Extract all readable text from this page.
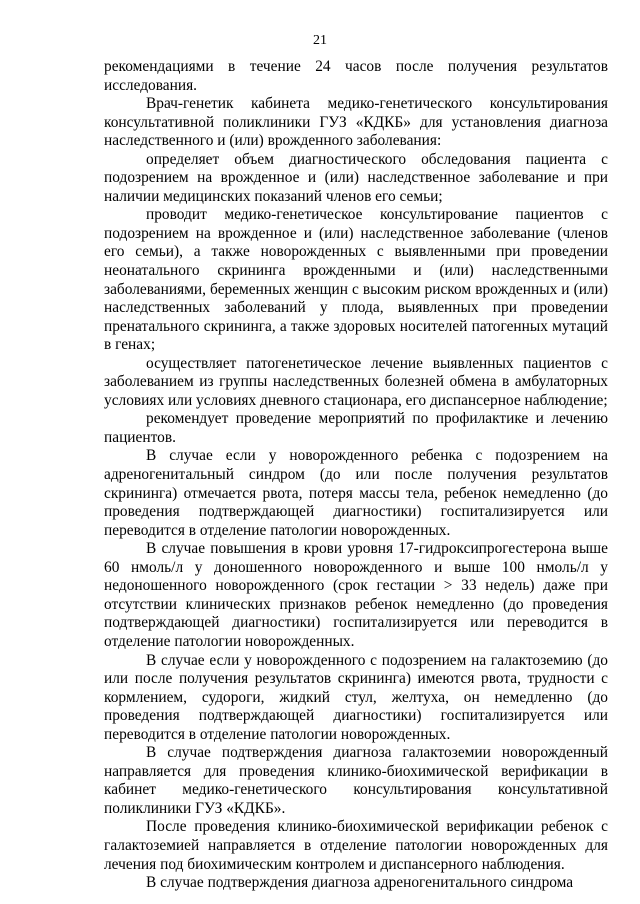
21

рекомендациями в течение 24 часов после получения результатов исследования.

Врач-генетик кабинета медико-генетического консультирования консультативной поликлиники ГУЗ «КДКБ» для установления диагноза наследственного и (или) врожденного заболевания:

определяет объем диагностического обследования пациента с подозрением на врожденное и (или) наследственное заболевание и при наличии медицинских показаний членов его семьи;

проводит медико-генетическое консультирование пациентов с подозрением на врожденное и (или) наследственное заболевание (членов его семьи), а также новорожденных с выявленными при проведении неонатального скрининга врожденными и (или) наследственными заболеваниями, беременных женщин с высоким риском врожденных и (или) наследственных заболеваний у плода, выявленных при проведении пренатального скрининга, а также здоровых носителей патогенных мутаций в генах;

осуществляет патогенетическое лечение выявленных пациентов с заболеванием из группы наследственных болезней обмена в амбулаторных условиях или условиях дневного стационара, его диспансерное наблюдение;

рекомендует проведение мероприятий по профилактике и лечению пациентов.

В случае если у новорожденного ребенка с подозрением на адреногенитальный синдром (до или после получения результатов скрининга) отмечается рвота, потеря массы тела, ребенок немедленно (до проведения подтверждающей диагностики) госпитализируется или переводится в отделение патологии новорожденных.

В случае повышения в крови уровня 17-гидроксипрогестерона выше 60 нмоль/л у доношенного новорожденного и выше 100 нмоль/л у недоношенного новорожденного (срок гестации > 33 недель) даже при отсутствии клинических признаков ребенок немедленно (до проведения подтверждающей диагностики) госпитализируется или переводится в отделение патологии новорожденных.

В случае если у новорожденного с подозрением на галактоземию (до или после получения результатов скрининга) имеются рвота, трудности с кормлением, судороги, жидкий стул, желтуха, он немедленно (до проведения подтверждающей диагностики) госпитализируется или переводится в отделение патологии новорожденных.

В случае подтверждения диагноза галактоземии новорожденный направляется для проведения клинико-биохимической верификации в кабинет медико-генетического консультирования консультативной поликлиники ГУЗ «КДКБ».

После проведения клинико-биохимической верификации ребенок с галактоземией направляется в отделение патологии новорожденных для лечения под биохимическим контролем и диспансерного наблюдения.

В случае подтверждения диагноза адреногенитального синдрома
